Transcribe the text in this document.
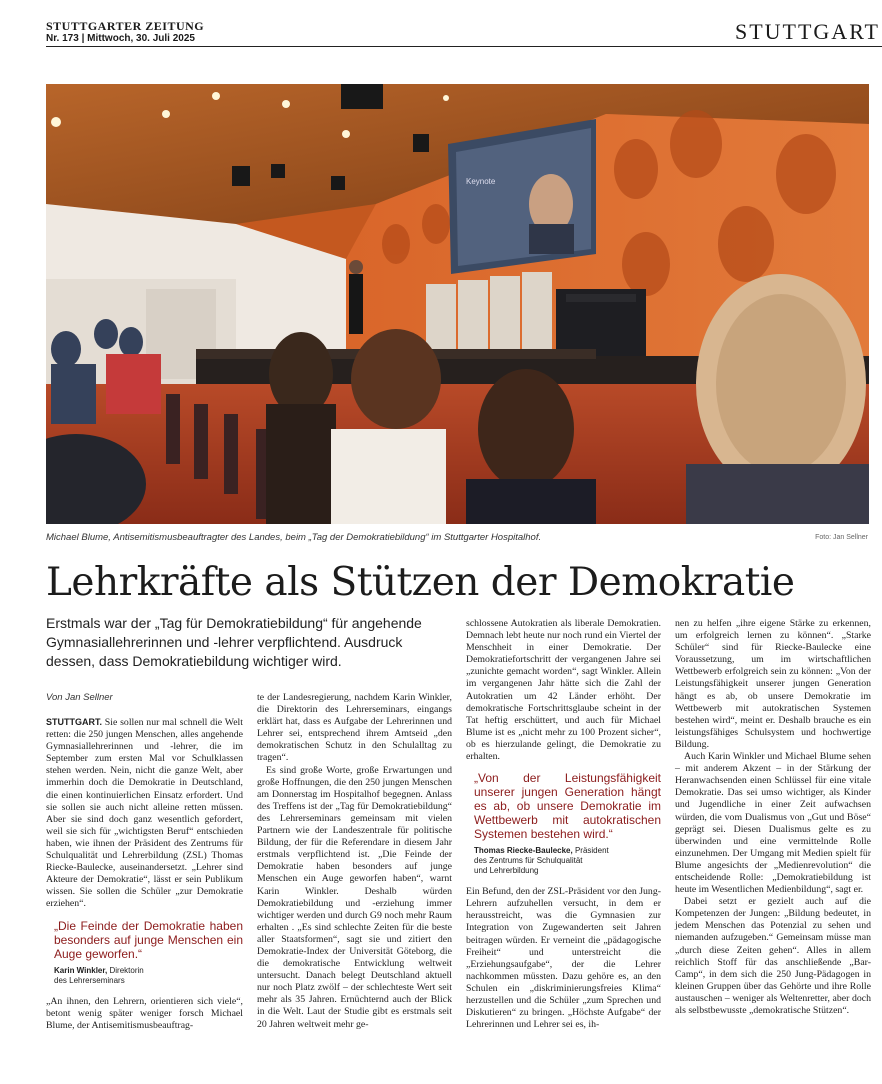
STUTTGARTER ZEITUNG
Nr. 173 | Mittwoch, 30. Juli 2025	STUTTGART
Keynote
Michael Blume, Antisemitismusbeauftragter des Landes, beim „Tag der Demokratiebildung“ im Stuttgarter Hospitalhof.	Foto: Jan Sellner
Lehrkräfte als Stützen der Demokratie
Erstmals war der „Tag für Demokratiebildung“ für angehende Gymnasiallehrerinnen und -lehrer verpflichtend. Ausdruck dessen, dass Demokratiebildung wichtiger wird.
Von Jan Sellner

STUTTGART. Sie sollen nur mal schnell die Welt retten: die 250 jungen Menschen, alles angehende Gymnasiallehrerinnen und -lehrer, die im September zum ersten Mal vor Schulklassen stehen werden. Nein, nicht die ganze Welt, aber immerhin doch die Demokratie in Deutschland, die einen kontinuierlichen Einsatz erfordert. Und sie sollen sie auch nicht alleine retten müssen. Aber sie sind doch ganz wesentlich gefordert, weil sie sich für „wichtigsten Beruf“ entschieden haben, wie ihnen der Präsident des Zentrums für Schulqualität und Lehrerbildung (ZSL) Thomas Riecke-Baulecke, auseinandersetzt. „Lehrer sind Akteure der Demokratie“, lässt er sein Publikum wissen. Sie sollen die Schüler „zur Demokratie erziehen“.

„Die Feinde der Demokratie haben besonders auf junge Menschen ein Auge geworfen.“
Karin Winkler, Direktorin
des Lehrerseminars

„An ihnen, den Lehrern, orientieren sich viele“, betont wenig später weniger forsch Michael Blume, der Antisemitismusbeauftrag-

te der Landesregierung, nachdem Karin Winkler, die Direktorin des Lehrerseminars, eingangs erklärt hat, dass es Aufgabe der Lehrerinnen und Lehrer sei, entsprechend ihrem Amtseid „den demokratischen Schutz in den Schulalltag zu tragen“.

Es sind große Worte, große Erwartungen und große Hoffnungen, die den 250 jungen Menschen am Donnerstag im Hospitalhof begegnen. Anlass des Treffens ist der „Tag für Demokratiebildung“ des Lehrerseminars gemeinsam mit vielen Partnern wie der Landeszentrale für politische Bildung, der für die Referendare in diesem Jahr erstmals verpflichtend ist. „Die Feinde der Demokratie haben besonders auf junge Menschen ein Auge geworfen haben“, warnt Karin Winkler. Deshalb würden Demokratiebildung und -erziehung immer wichtiger werden und durch G9 noch mehr Raum erhalten . „Es sind schlechte Zeiten für die beste aller Staatsformen“, sagt sie und zitiert den Demokratie-Index der Universität Göteborg, die die demokratische Entwicklung weltweit untersucht. Danach belegt Deutschland aktuell nur noch Platz zwölf – der schlechteste Wert seit mehr als 35 Jahren. Ernüchternd auch der Blick in die Welt. Laut der Studie gibt es erstmals seit 20 Jahren weltweit mehr ge-

schlossene Autokratien als liberale Demokratien. Demnach lebt heute nur noch rund ein Viertel der Menschheit in einer Demokratie. Der Demokratiefortschritt der vergangenen Jahre sei „zunichte gemacht worden“, sagt Winkler. Allein im vergangenen Jahr hätte sich die Zahl der Autokratien um 42 Länder erhöht. Der demokratische Fortschrittsglaube scheint in der Tat heftig erschüttert, und auch für Michael Blume ist es „nicht mehr zu 100 Prozent sicher“, ob es hierzulande gelingt, die Demokratie zu erhalten.

„Von der Leistungsfähigkeit unserer jungen Generation hängt es ab, ob unsere Demokratie im Wettbewerb mit autokratischen Systemen bestehen wird.“
Thomas Riecke-Baulecke, Präsident
des Zentrums für Schulqualität
und Lehrerbildung

Ein Befund, den der ZSL-Präsident vor den Jung-Lehrern aufzuhellen versucht, in dem er herausstreicht, was die Gymnasien zur Integration von Zugewanderten seit Jahren beitragen würden. Er verneint die „pädagogische Freiheit“ und unterstreicht die „Erziehungsaufgabe“, der die Lehrer nachkommen müssten. Dazu gehöre es, an den Schulen ein „diskriminierungsfreies Klima“ herzustellen und die Schüler „zum Sprechen und Diskutieren“ zu bringen. „Höchste Aufgabe“ der Lehrerinnen und Lehrer sei es, ih-

nen zu helfen „ihre eigene Stärke zu erkennen, um erfolgreich lernen zu können“. „Starke Schüler“ sind für Riecke-Baulecke eine Voraussetzung, um im wirtschaftlichen Wettbewerb erfolgreich sein zu können: „Von der Leistungsfähigkeit unserer jungen Generation hängt es ab, ob unsere Demokratie im Wettbewerb mit autokratischen Systemen bestehen wird“, meint er. Deshalb brauche es ein leistungsfähiges Schulsystem und hochwertige Bildung.

Auch Karin Winkler und Michael Blume sehen – mit anderem Akzent – in der Stärkung der Heranwachsenden einen Schlüssel für eine vitale Demokratie. Das sei umso wichtiger, als Kinder und Jugendliche in einer Zeit aufwachsen würden, die vom Dualismus von „Gut und Böse“ geprägt sei. Diesen Dualismus gelte es zu überwinden und eine vermittelnde Rolle einzunehmen. Der Umgang mit Medien spielt für Blume angesichts der „Medienrevolution“ die entscheidende Rolle: „Demokratiebildung ist heute im Wesentlichen Medienbildung“, sagt er.

Dabei setzt er gezielt auch auf die Kompetenzen der Jungen: „Bildung bedeutet, in jedem Menschen das Potenzial zu sehen und niemanden aufzugeben.“ Gemeinsam müsse man „durch diese Zeiten gehen“. Alles in allem reichlich Stoff für das anschließende „Bar-Camp“, in dem sich die 250 Jung-Pädagogen in kleinen Gruppen über das Gehörte und ihre Rolle austauschen – weniger als Weltenretter, aber doch als selbstbewusste „demokratische Stützen“.
